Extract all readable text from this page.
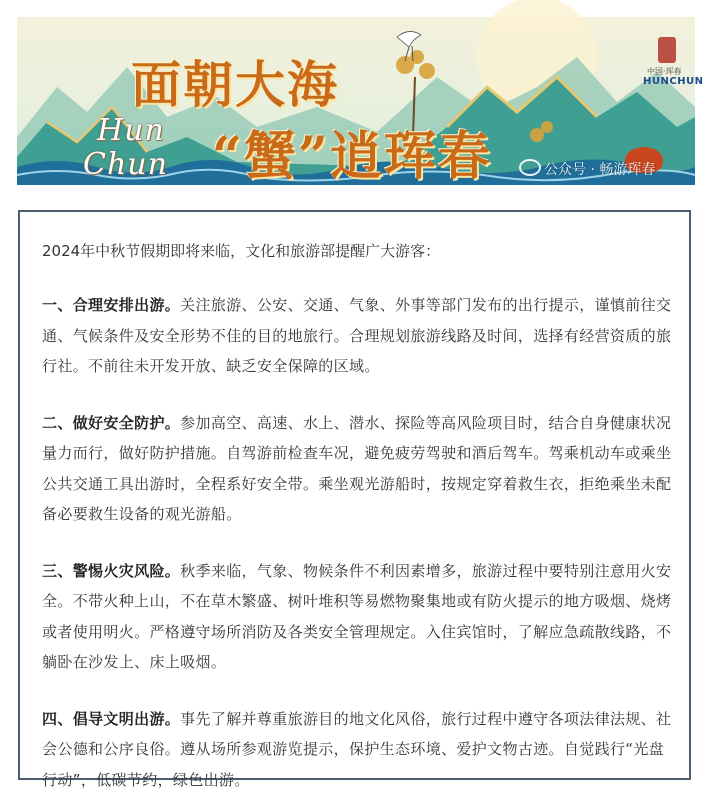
面朝大海
Hun
Chun “蟹”逍珲春
中国·珲春
HUNCHUN
公众号 · 畅游珲春

2024年中秋节假期即将来临，文化和旅游部提醒广大游客：

一、合理安排出游。关注旅游、公安、交通、气象、外事等部门发布的出行提示，谨慎前往交通、气候条件及安全形势不佳的目的地旅行。合理规划旅游线路及时间，选择有经营资质的旅行社。不前往未开发开放、缺乏安全保障的区域。

二、做好安全防护。参加高空、高速、水上、潜水、探险等高风险项目时，结合自身健康状况量力而行，做好防护措施。自驾游前检查车况，避免疲劳驾驶和酒后驾车。驾乘机动车或乘坐公共交通工具出游时，全程系好安全带。乘坐观光游船时，按规定穿着救生衣，拒绝乘坐未配备必要救生设备的观光游船。

三、警惕火灾风险。秋季来临，气象、物候条件不利因素增多，旅游过程中要特别注意用火安全。不带火种上山，不在草木繁盛、树叶堆积等易燃物聚集地或有防火提示的地方吸烟、烧烤或者使用明火。严格遵守场所消防及各类安全管理规定。入住宾馆时，了解应急疏散线路，不躺卧在沙发上、床上吸烟。

四、倡导文明出游。事先了解并尊重旅游目的地文化风俗，旅行过程中遵守各项法律法规、社会公德和公序良俗。遵从场所参观游览提示，保护生态环境、爱护文物古迹。自觉践行“光盘行动”，低碳节约，绿色出游。
